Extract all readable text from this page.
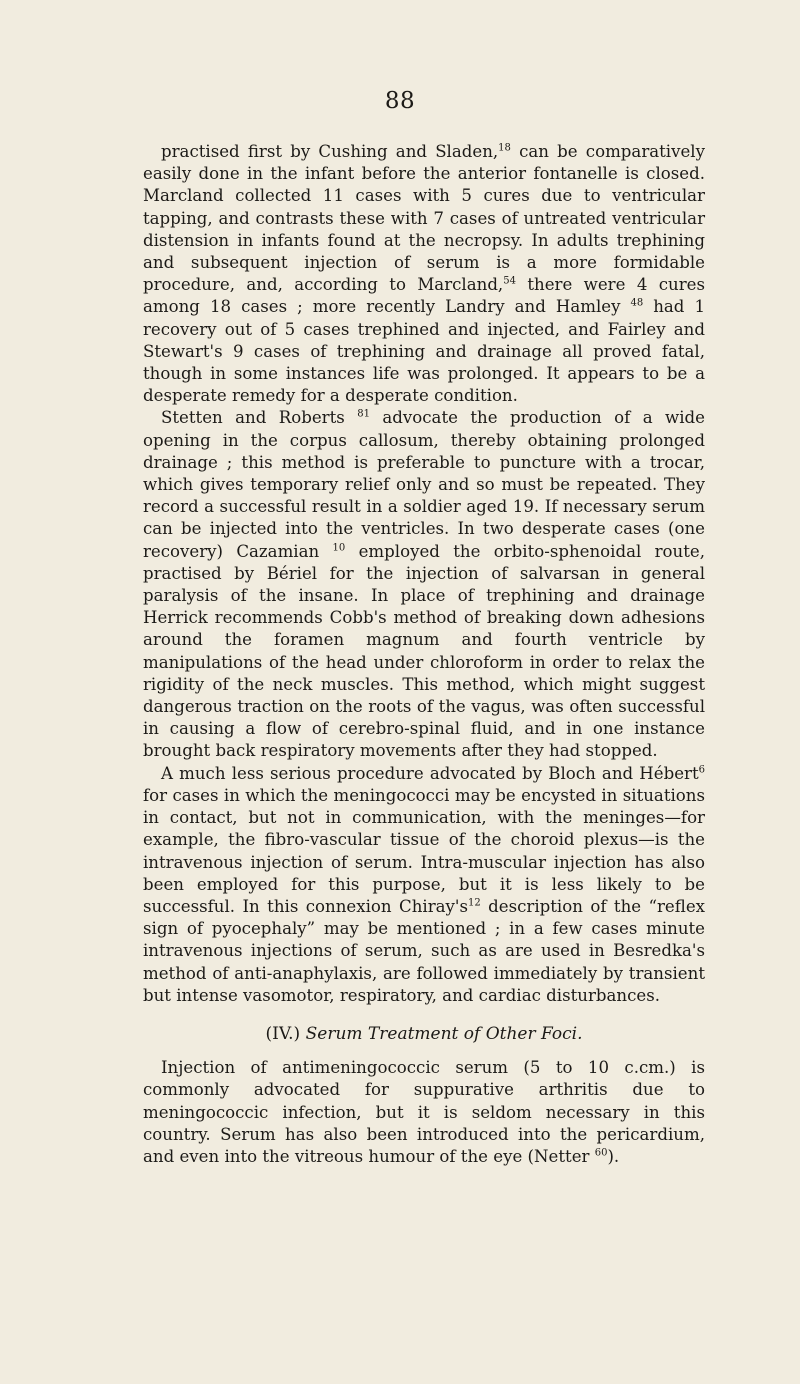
88

practised first by Cushing and Sladen,$^{18}$ can be comparatively easily done in the infant before the anterior fontanelle is closed. Marcland collected 11 cases with 5 cures due to ventricular tapping, and contrasts these with 7 cases of untreated ventricular distension in infants found at the necropsy. In adults trephining and subsequent injection of serum is a more formidable procedure, and, according to Marcland,$^{54}$ there were 4 cures among 18 cases ; more recently Landry and Hamley $^{48}$ had 1 recovery out of 5 cases trephined and injected, and Fairley and Stewart's 9 cases of trephining and drainage all proved fatal, though in some instances life was prolonged. It appears to be a desperate remedy for a desperate condition.

Stetten and Roberts $^{81}$ advocate the production of a wide opening in the corpus callosum, thereby obtaining prolonged drainage ; this method is preferable to puncture with a trocar, which gives temporary relief only and so must be repeated. They record a successful result in a soldier aged 19. If necessary serum can be injected into the ventricles. In two desperate cases (one recovery) Cazamian $^{10}$ employed the orbito-sphenoidal route, practised by Bériel for the injection of salvarsan in general paralysis of the insane. In place of trephining and drainage Herrick recommends Cobb's method of breaking down adhesions around the foramen magnum and fourth ventricle by manipulations of the head under chloroform in order to relax the rigidity of the neck muscles. This method, which might suggest dangerous traction on the roots of the vagus, was often successful in causing a flow of cerebro-spinal fluid, and in one instance brought back respiratory movements after they had stopped.

A much less serious procedure advocated by Bloch and Hébert$^6$ for cases in which the meningococci may be encysted in situations in contact, but not in communication, with the meninges—for example, the fibro-vascular tissue of the choroid plexus—is the intravenous injection of serum. Intra-muscular injection has also been employed for this purpose, but it is less likely to be successful. In this connexion $Chiray's^{12}$ description of the “reflex sign of pyocephaly” may be mentioned ; in a few cases minute intravenous injections of serum, such as are used in Besredka's method of anti-anaphylaxis, are followed immediately by transient but intense vasomotor, respiratory, and cardiac disturbances.

(IV.) Serum Treatment of Other Foci.

Injection of antimeningococcic serum (5 to 10 c.cm.) is commonly advocated for suppurative arthritis due to meningococcic infection, but it is seldom necessary in this country. Serum has also been introduced into the pericardium, and even into the vitreous humour of the eye (Netter $^{60}$).
